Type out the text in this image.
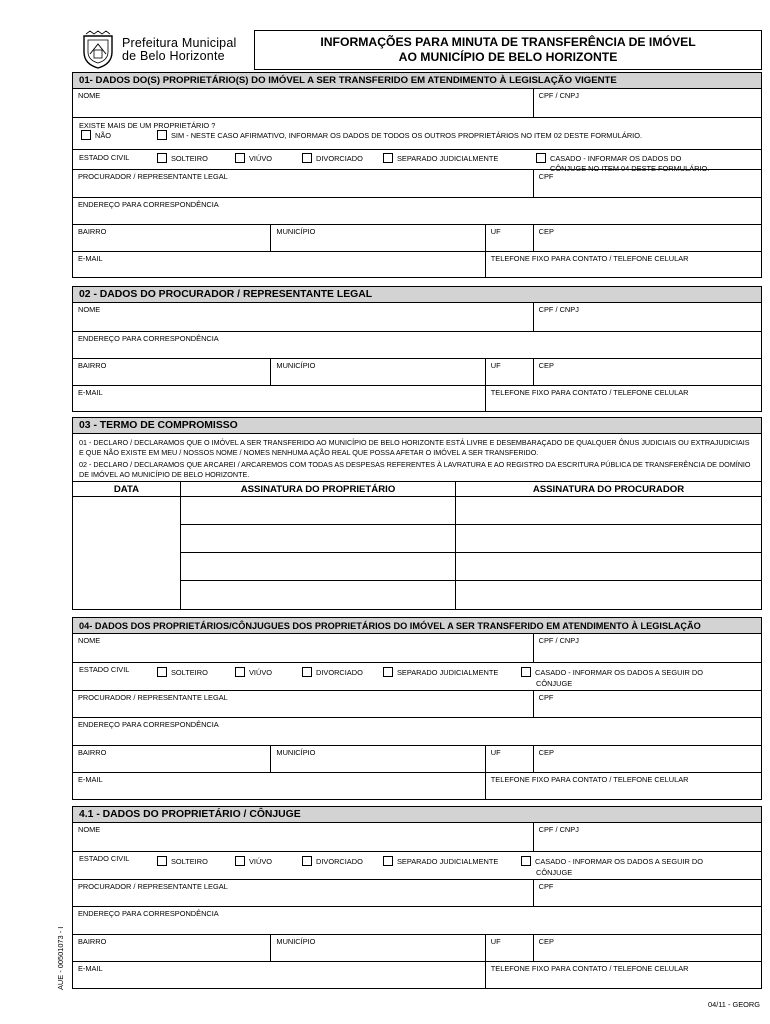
Prefeitura Municipal
de Belo Horizonte
INFORMAÇÕES PARA MINUTA DE TRANSFERÊNCIA DE IMÓVEL
AO MUNICÍPIO DE BELO HORIZONTE
01- DADOS DO(S) PROPRIETÁRIO(S) DO IMÓVEL A SER TRANSFERIDO EM ATENDIMENTO À LEGISLAÇÃO VIGENTE
NOME	CPF / CNPJ
EXISTE MAIS DE UM PROPRIETÁRIO ?
NÃO	SIM - NESTE CASO AFIRMATIVO, INFORMAR OS DADOS DE TODOS OS OUTROS PROPRIETÁRIOS NO ITEM 02 DESTE FORMULÁRIO.
ESTADO CIVIL	SOLTEIRO	VIÚVO	DIVORCIADO	SEPARADO JUDICIALMENTE	CASADO - INFORMAR OS DADOS DO
CÔNJUGE NO ITEM 04 DESTE FORMULÁRIO.
PROCURADOR / REPRESENTANTE LEGAL	CPF
ENDEREÇO PARA CORRESPONDÊNCIA
BAIRRO	MUNICÍPIO	UF	CEP
E-MAIL	TELEFONE FIXO PARA CONTATO / TELEFONE CELULAR
02 - DADOS DO PROCURADOR / REPRESENTANTE LEGAL
NOME	CPF / CNPJ
ENDEREÇO PARA CORRESPONDÊNCIA
BAIRRO	MUNICÍPIO	UF	CEP
E-MAIL	TELEFONE FIXO PARA CONTATO / TELEFONE CELULAR
03 - TERMO DE COMPROMISSO
01 - DECLARO / DECLARAMOS QUE O IMÓVEL A SER TRANSFERIDO AO MUNICÍPIO DE BELO HORIZONTE ESTÁ LIVRE E DESEMBARAÇADO DE QUALQUER ÔNUS JUDICIAIS OU EXTRAJUDICIAIS E QUE NÃO EXISTE EM MEU / NOSSOS NOME / NOMES NENHUMA AÇÃO REAL QUE POSSA AFETAR O IMÓVEL A SER TRANSFERIDO.
02 - DECLARO / DECLARAMOS QUE ARCAREI / ARCAREMOS COM TODAS AS DESPESAS REFERENTES À LAVRATURA E AO REGISTRO DA ESCRITURA PÚBLICA DE TRANSFERÊNCIA DE DOMÍNIO DE IMÓVEL AO MUNICÍPIO DE BELO HORIZONTE.
DATA	ASSINATURA DO PROPRIETÁRIO	ASSINATURA DO PROCURADOR
04- DADOS DOS PROPRIETÁRIOS/CÔNJUGUES DOS PROPRIETÁRIOS DO IMÓVEL A SER TRANSFERIDO EM ATENDIMENTO À LEGISLAÇÃO
NOME	CPF / CNPJ
ESTADO CIVIL	SOLTEIRO	VIÚVO	DIVORCIADO	SEPARADO JUDICIALMENTE	CASADO - INFORMAR OS DADOS A SEGUIR DO
CÔNJUGE
PROCURADOR / REPRESENTANTE LEGAL	CPF
ENDEREÇO PARA CORRESPONDÊNCIA
BAIRRO	MUNICÍPIO	UF	CEP
E-MAIL	TELEFONE FIXO PARA CONTATO / TELEFONE CELULAR
4.1 - DADOS DO PROPRIETÁRIO / CÔNJUGE
NOME	CPF / CNPJ
ESTADO CIVIL	SOLTEIRO	VIÚVO	DIVORCIADO	SEPARADO JUDICIALMENTE	CASADO - INFORMAR OS DADOS A SEGUIR DO
CÔNJUGE
PROCURADOR / REPRESENTANTE LEGAL	CPF
ENDEREÇO PARA CORRESPONDÊNCIA
BAIRRO	MUNICÍPIO	UF	CEP
E-MAIL	TELEFONE FIXO PARA CONTATO / TELEFONE CELULAR
AUE - 00501073 - I
04/11 - GEORG
